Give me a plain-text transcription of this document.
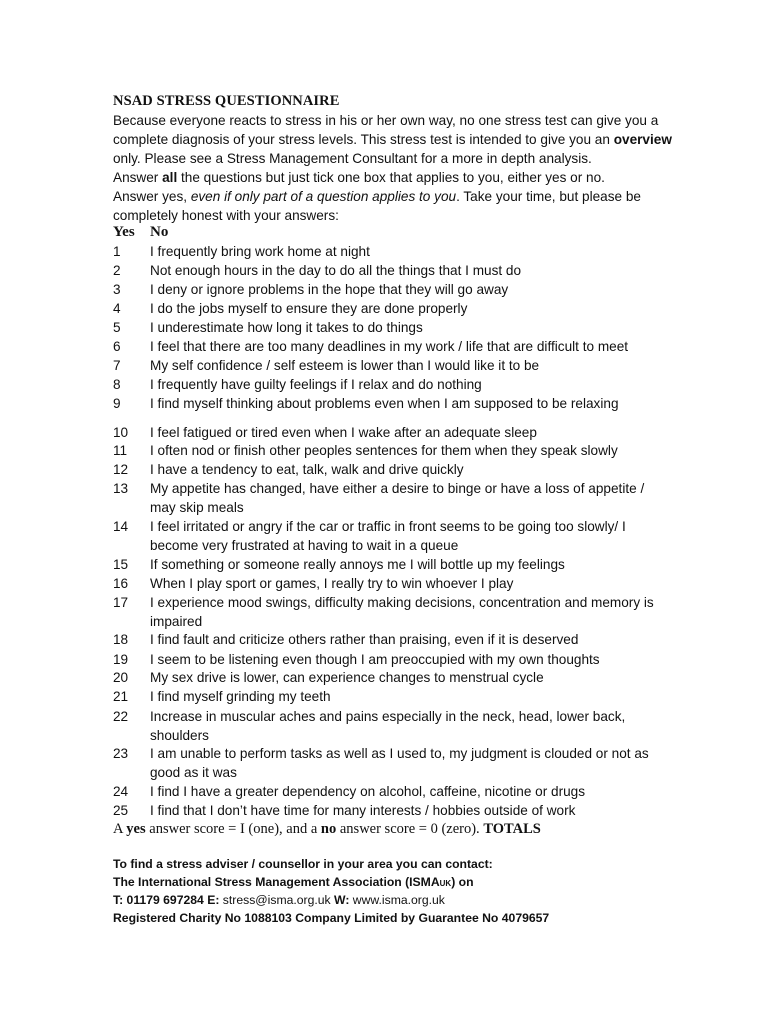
NSAD STRESS QUESTIONNAIRE
Because everyone reacts to stress in his or her own way, no one stress test can give you a complete diagnosis of your stress levels. This stress test is intended to give you an overview only. Please see a Stress Management Consultant for a more in depth analysis.
Answer all the questions but just tick one box that applies to you, either yes or no.
Answer yes, even if only part of a question applies to you. Take your time, but please be completely honest with your answers:
Yes No
1	I frequently bring work home at night
2	Not enough hours in the day to do all the things that I must do
3	I deny or ignore problems in the hope that they will go away
4	I do the jobs myself to ensure they are done properly
5	I underestimate how long it takes to do things
6	I feel that there are too many deadlines in my work / life that are difficult to meet
7	My self confidence / self esteem is lower than I would like it to be
8	I frequently have guilty feelings if I relax and do nothing
9	I find myself thinking about problems even when I am supposed to be relaxing
10	I feel fatigued or tired even when I wake after an adequate sleep
11	I often nod or finish other peoples sentences for them when they speak slowly
12	I have a tendency to eat, talk, walk and drive quickly
13	My appetite has changed, have either a desire to binge or have a loss of appetite / may skip meals
14	I feel irritated or angry if the car or traffic in front seems to be going too slowly/ I become very frustrated at having to wait in a queue
15	If something or someone really annoys me I will bottle up my feelings
16	When I play sport or games, I really try to win whoever I play
17	I experience mood swings, difficulty making decisions, concentration and memory is impaired
18	I find fault and criticize others rather than praising, even if it is deserved
19	I seem to be listening even though I am preoccupied with my own thoughts
20	My sex drive is lower, can experience changes to menstrual cycle
21	I find myself grinding my teeth
22	Increase in muscular aches and pains especially in the neck, head, lower back, shoulders
23	I am unable to perform tasks as well as I used to, my judgment is clouded or not as good as it was
24	I find I have a greater dependency on alcohol, caffeine, nicotine or drugs
25	I find that I don’t have time for many interests / hobbies outside of work
A yes answer score = I (one), and a no answer score = 0 (zero). TOTALS
To find a stress adviser / counsellor in your area you can contact:
The International Stress Management Association (ISMAUK) on
T: 01179 697284 E: stress@isma.org.uk W: www.isma.org.uk
Registered Charity No 1088103 Company Limited by Guarantee No 4079657
